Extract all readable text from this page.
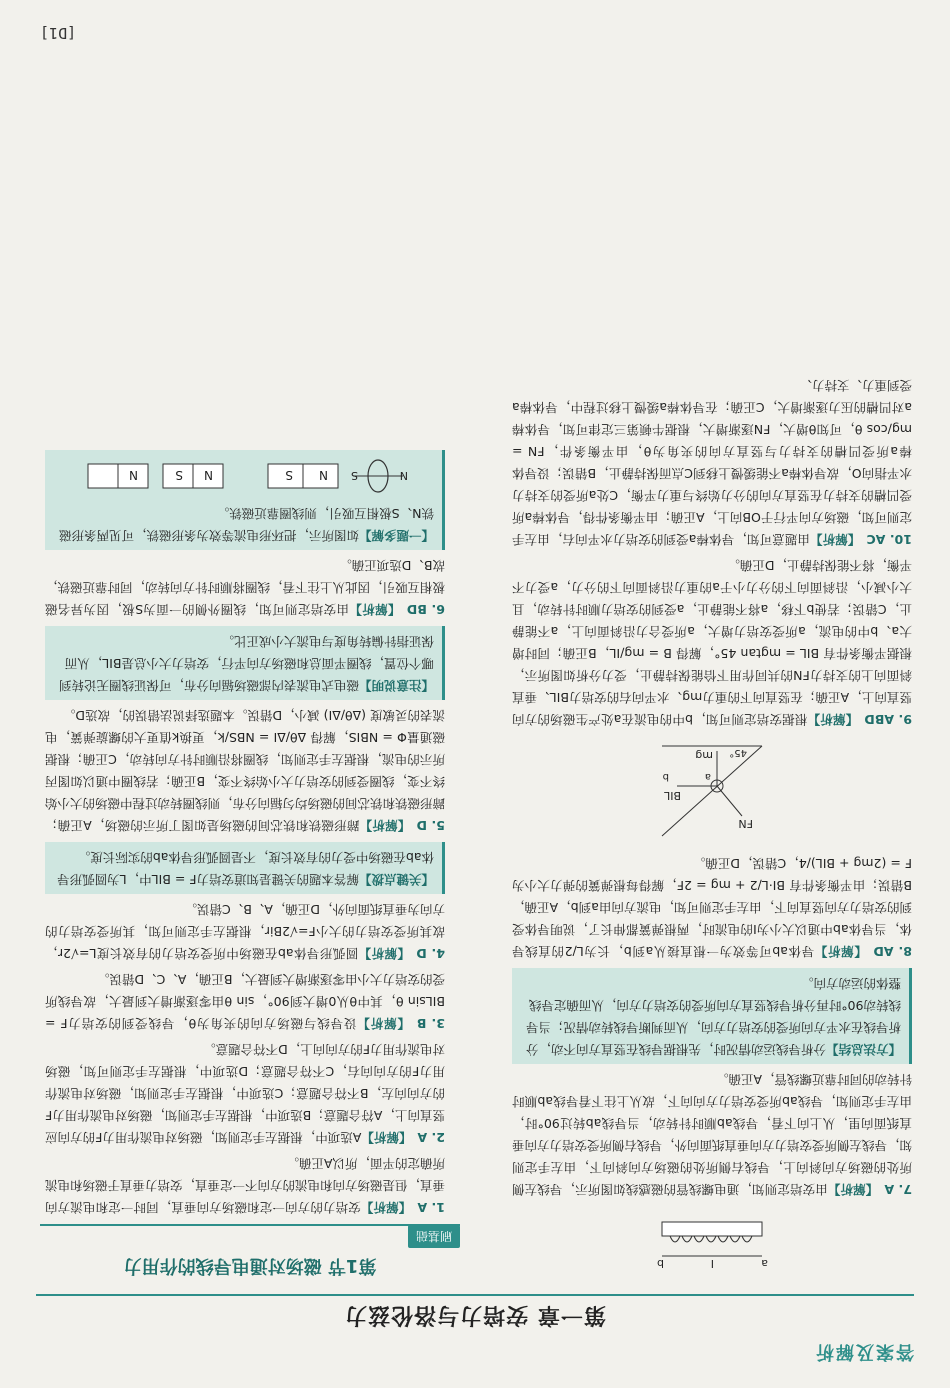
答案及解析
第一章 安培力与洛伦兹力
第1节 磁场对通电导线的作用力
刷基础
1. A【解析】安培力的方向一定和磁场方向垂直，同时一定和电流方向垂直，但是磁场方向和电流的方向不一定垂直，安培力垂直于磁场和电流所确定的平面，所以A正确。
2. A【解析】A选项中，根据左手定则知，磁场对电流作用力F的方向应竖直向上，A符合题意；B选项中，根据左手定则知，磁场对电流作用力F的方向向左，B不符合题意；C选项中，根据左手定则知，磁场对电流作用力F的方向向右，C不符合题意；D选项中，根据左手定则可知，磁场对电流作用力F的方向向上，D不符合题意。
3. B【解析】设导线与磁场方向的夹角为θ，导线受到的安培力F = BILsin θ，其中θ从0增大到90°，sin θ由零逐渐增大到最大，故导线所受的安培力大小由零逐渐增大到最大，B正确，A、C、D错误。
4. D【解析】圆弧形导体ab在磁场中所受安培力的有效长度L=√2r，故其所受安培力的大小F=√2Bir，根据左手定则可知，其所受安培力的方向为垂直纸面向外，D正确，A、B、C错误。
【关键点拨】解答本题的关键是知道安培力F = BIL中，L为圆弧形导体ab在磁场中受力的有效长度，不是圆弧形导体ab的实际长度。
5. D【解析】蹄形磁铁和铁芯间的磁场是如图丁所示的磁场，A正确；蹄形磁铁和铁芯间的磁场均匀辐向分布，则线圈转动过程中磁场的大小始终不变，线圈受到的安培力大小始终不变，B正确；若线圈中通以如图丙所示的电流，根据左手定则知，线圈将沿顺时针方向转动，C正确；根据磁通量Φ = NBIS，解得 Δθ/ΔI = NBS/k，更换k值更大的螺旋弹簧，电流表的灵敏度 (Δθ/ΔI) 减小，D错误。本题选择说法错误的，故选D。
【注意说明】磁电式电流表内部磁场辐向分布，可保证线圈无论转到哪个位置，线圈平面总和磁场方向平行，安培力大小总是BIL，从而保证指针偏转角度与电流大小成正比。
6. BD【解析】由安培定则可知，线圈外侧的一面为S极，因为异名磁极相互吸引，因此从上往下看，线圈将顺时针方向转动，同时靠近磁铁，故B、D选项正确。
【一题多解】如图所示，把环形电流等效为条形磁铁，可见两条形磁铁N、S极相互吸引，则线圈靠近磁铁。
N
S
N
S
N
S
N
a
b	I
7. A【解析】由安培定则知，通电螺线管的磁感线如图所示，导线左侧所处的磁场方向斜向上，导线右侧所处的磁场方向斜向下，由左手定则知，导线左侧所受安培力方向垂直纸面向外，导线右侧所受安培力方向垂直纸面向里，从上向下看，导线ab顺时针转动，当导线ab转过90°时，由左手定则知，导线ab所受安培力方向向下，故从上往下看导线ab顺时针转动的同时靠近螺线管，A正确。
【方法总结】分析导线运动情况时，先根据导线在竖直方向不动，分析导线在水平方向所受的安培力方向，从而判断导线转动情况；当导线转动90°时再分析导线竖直方向所受的安培力方向，从而确定导线整体的运动方向。
8. AD【解析】导体ab可等效为一根直接从a到b，长为L/2的直线导体，当导体ab中通以大小为I的电流时，两根弹簧都伸长了，说明导体受到的安培力方向竖直向下，由左手定则可知，电流方向由a到b，A正确，B错误；由平衡条件有 BI·L/2 + mg = 2F，解得每根弹簧的弹力大小为 F = (2mg + BIL)/4，C错误，D正确。
FN
BIL
mg 45°
a
b
9. ABD【解析】根据安培定则可知，b中的电流在a处产生磁场的方向竖直向上，A正确；在竖直向下的重力mg、水平向右的安培力BIL、垂直斜面向上的支持力FN的共同作用下恰能保持静止，受力分析如图所示，根据平衡条件有 BIL = mgtan 45°，解得 B = mg/IL，B正确；同时增大a、b中的电流，a所受安培力增大，a所受合力沿斜面向上，a不能静止，C错误；若使b下移，a将不能静止，a受到的安培力顺时针转动，且大小减小，沿斜面向下的分力小于a的重力沿斜面向下的分力，a受力不平衡，将不能保持静止，D正确。
10. AC【解析】由题意可知，导体棒a受到的安培力水平向右，由左手定则可知，磁场方向平行于OB向上，A正确；由平衡条件得，导体棒a所受凹槽的支持力在竖直方向的分力始终与重力平衡，C处a所受的支持力水平指向O，故导体棒a不能缓慢上移到C点而保持静止，B错误；设导体棒a所受凹槽的支持力与竖直方向的夹角为θ，由平衡条件，FN = mg/cos θ，可知θ增大，FN逐渐增大，根据牛顿第三定律可知，导体棒a对凹槽的压力逐渐增大，C正确；在导体棒a缓慢上移过程中，导体棒a受到重力、支持力、
[D1]
